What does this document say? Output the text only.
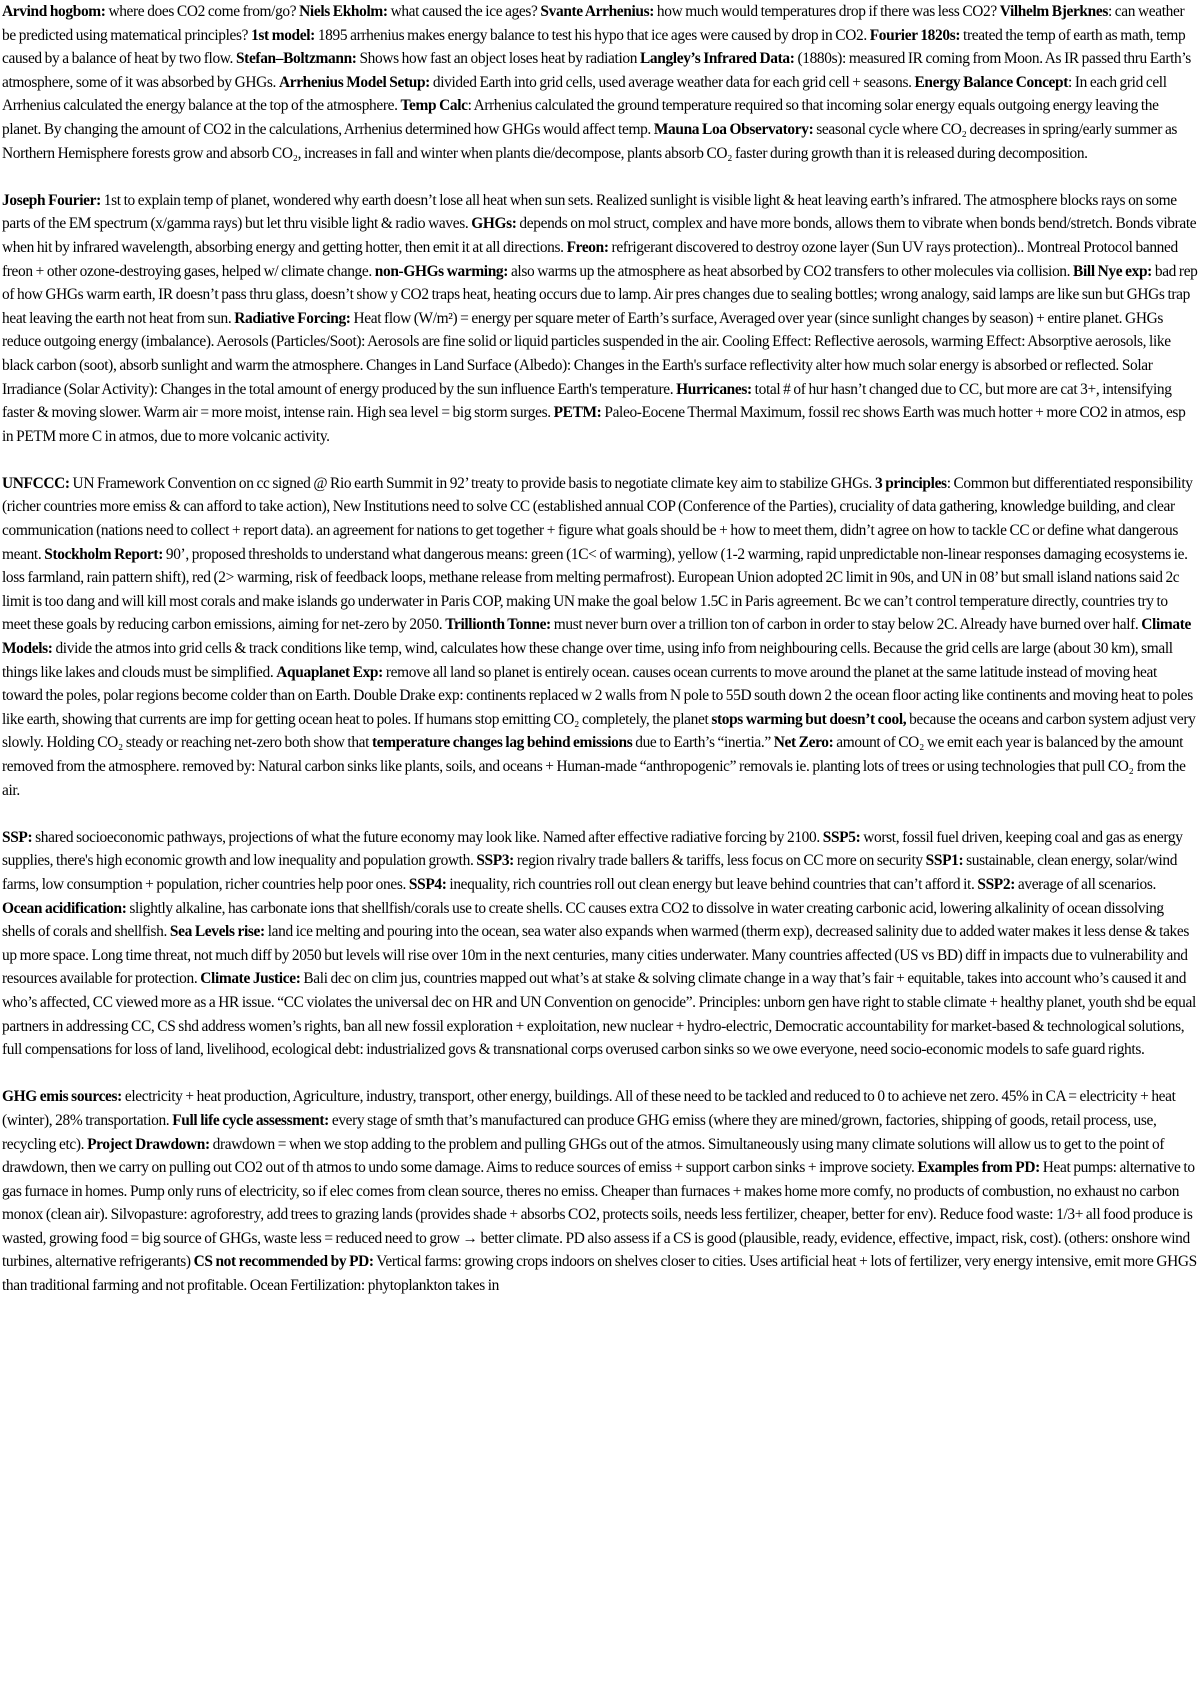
Arvind hogbom: where does CO2 come from/go? Niels Ekholm: what caused the ice ages? Svante Arrhenius: how much would temperatures drop if there was less CO2? Vilhelm Bjerknes: can weather be predicted using matematical principles? 1st model: 1895 arrhenius makes energy balance to test his hypo that ice ages were caused by drop in CO2. Fourier 1820s: treated the temp of earth as math, temp caused by a balance of heat by two flow. Stefan–Boltzmann: Shows how fast an object loses heat by radiation Langley’s Infrared Data: (1880s): measured IR coming from Moon. As IR passed thru Earth’s atmosphere, some of it was absorbed by GHGs. Arrhenius Model Setup: divided Earth into grid cells, used average weather data for each grid cell + seasons. Energy Balance Concept: In each grid cell Arrhenius calculated the energy balance at the top of the atmosphere. Temp Calc: Arrhenius calculated the ground temperature required so that incoming solar energy equals outgoing energy leaving the planet. By changing the amount of CO2 in the calculations, Arrhenius determined how GHGs would affect temp. Mauna Loa Observatory: seasonal cycle where CO₂ decreases in spring/early summer as Northern Hemisphere forests grow and absorb CO₂, increases in fall and winter when plants die/decompose, plants absorb CO₂ faster during growth than it is released during decomposition.

Joseph Fourier: 1st to explain temp of planet, wondered why earth doesn’t lose all heat when sun sets. Realized sunlight is visible light & heat leaving earth’s infrared. The atmosphere blocks rays on some parts of the EM spectrum (x/gamma rays) but let thru visible light & radio waves. GHGs: depends on mol struct, complex and have more bonds, allows them to vibrate when bonds bend/stretch. Bonds vibrate when hit by infrared wavelength, absorbing energy and getting hotter, then emit it at all directions. Freon: refrigerant discovered to destroy ozone layer (Sun UV rays protection).. Montreal Protocol banned freon + other ozone-destroying gases, helped w/ climate change. non-GHGs warming: also warms up the atmosphere as heat absorbed by CO2 transfers to other molecules via collision. Bill Nye exp: bad rep of how GHGs warm earth, IR doesn’t pass thru glass, doesn’t show y CO2 traps heat, heating occurs due to lamp. Air pres changes due to sealing bottles; wrong analogy, said lamps are like sun but GHGs trap heat leaving the earth not heat from sun. Radiative Forcing: Heat flow (W/m²) = energy per square meter of Earth’s surface, Averaged over year (since sunlight changes by season) + entire planet. GHGs reduce outgoing energy (imbalance). Aerosols (Particles/Soot): Aerosols are fine solid or liquid particles suspended in the air. Cooling Effect: Reflective aerosols, warming Effect: Absorptive aerosols, like black carbon (soot), absorb sunlight and warm the atmosphere. Changes in Land Surface (Albedo): Changes in the Earth's surface reflectivity alter how much solar energy is absorbed or reflected. Solar Irradiance (Solar Activity): Changes in the total amount of energy produced by the sun influence Earth's temperature. Hurricanes: total # of hur hasn’t changed due to CC, but more are cat 3+, intensifying faster & moving slower. Warm air = more moist, intense rain. High sea level = big storm surges. PETM: Paleo-Eocene Thermal Maximum, fossil rec shows Earth was much hotter + more CO2 in atmos, esp in PETM more C in atmos, due to more volcanic activity.

UNFCCC: UN Framework Convention on cc signed @ Rio earth Summit in 92’ treaty to provide basis to negotiate climate key aim to stabilize GHGs. 3 principles: Common but differentiated responsibility (richer countries more emiss & can afford to take action), New Institutions need to solve CC (established annual COP (Conference of the Parties), cruciality of data gathering, knowledge building, and clear communication (nations need to collect + report data). an agreement for nations to get together + figure what goals should be + how to meet them, didn’t agree on how to tackle CC or define what dangerous meant. Stockholm Report: 90’, proposed thresholds to understand what dangerous means: green (1C< of warming), yellow (1-2 warming, rapid unpredictable non-linear responses damaging ecosystems ie. loss farmland, rain pattern shift), red (2> warming, risk of feedback loops, methane release from melting permafrost). European Union adopted 2C limit in 90s, and UN in 08’ but small island nations said 2c limit is too dang and will kill most corals and make islands go underwater in Paris COP, making UN make the goal below 1.5C in Paris agreement. Bc we can’t control temperature directly, countries try to meet these goals by reducing carbon emissions, aiming for net-zero by 2050. Trillionth Tonne: must never burn over a trillion ton of carbon in order to stay below 2C. Already have burned over half. Climate Models: divide the atmos into grid cells & track conditions like temp, wind, calculates how these change over time, using info from neighbouring cells. Because the grid cells are large (about 30 km), small things like lakes and clouds must be simplified. Aquaplanet Exp: remove all land so planet is entirely ocean. causes ocean currents to move around the planet at the same latitude instead of moving heat toward the poles, polar regions become colder than on Earth. Double Drake exp: continents replaced w 2 walls from N pole to 55D south down 2 the ocean floor acting like continents and moving heat to poles like earth, showing that currents are imp for getting ocean heat to poles. If humans stop emitting CO₂ completely, the planet stops warming but doesn’t cool, because the oceans and carbon system adjust very slowly. Holding CO₂ steady or reaching net-zero both show that temperature changes lag behind emissions due to Earth’s “inertia.” Net Zero: amount of CO₂ we emit each year is balanced by the amount removed from the atmosphere. removed by: Natural carbon sinks like plants, soils, and oceans + Human-made “anthropogenic” removals ie. planting lots of trees or using technologies that pull CO₂ from the air.

SSP: shared socioeconomic pathways, projections of what the future economy may look like. Named after effective radiative forcing by 2100. SSP5: worst, fossil fuel driven, keeping coal and gas as energy supplies, there's high economic growth and low inequality and population growth. SSP3: region rivalry trade ballers & tariffs, less focus on CC more on security SSP1: sustainable, clean energy, solar/wind farms, low consumption + population, richer countries help poor ones. SSP4: inequality, rich countries roll out clean energy but leave behind countries that can’t afford it. SSP2: average of all scenarios. Ocean acidification: slightly alkaline, has carbonate ions that shellfish/corals use to create shells. CC causes extra CO2 to dissolve in water creating carbonic acid, lowering alkalinity of ocean dissolving shells of corals and shellfish. Sea Levels rise: land ice melting and pouring into the ocean, sea water also expands when warmed (therm exp), decreased salinity due to added water makes it less dense & takes up more space. Long time threat, not much diff by 2050 but levels will rise over 10m in the next centuries, many cities underwater. Many countries affected (US vs BD) diff in impacts due to vulnerability and resources available for protection. Climate Justice: Bali dec on clim jus, countries mapped out what’s at stake & solving climate change in a way that’s fair + equitable, takes into account who’s caused it and who’s affected, CC viewed more as a HR issue. “CC violates the universal dec on HR and UN Convention on genocide”. Principles: unborn gen have right to stable climate + healthy planet, youth shd be equal partners in addressing CC, CS shd address women’s rights, ban all new fossil exploration + exploitation, new nuclear + hydro-electric, Democratic accountability for market-based & technological solutions, full compensations for loss of land, livelihood, ecological debt: industrialized govs & transnational corps overused carbon sinks so we owe everyone, need socio-economic models to safe guard rights.

GHG emis sources: electricity + heat production, Agriculture, industry, transport, other energy, buildings. All of these need to be tackled and reduced to 0 to achieve net zero. 45% in CA = electricity + heat (winter), 28% transportation. Full life cycle assessment: every stage of smth that’s manufactured can produce GHG emiss (where they are mined/grown, factories, shipping of goods, retail process, use, recycling etc). Project Drawdown: drawdown = when we stop adding to the problem and pulling GHGs out of the atmos. Simultaneously using many climate solutions will allow us to get to the point of drawdown, then we carry on pulling out CO2 out of th atmos to undo some damage. Aims to reduce sources of emiss + support carbon sinks + improve society. Examples from PD: Heat pumps: alternative to gas furnace in homes. Pump only runs of electricity, so if elec comes from clean source, theres no emiss. Cheaper than furnaces + makes home more comfy, no products of combustion, no exhaust no carbon monox (clean air). Silvopasture: agroforestry, add trees to grazing lands (provides shade + absorbs CO2, protects soils, needs less fertilizer, cheaper, better for env). Reduce food waste: 1/3+ all food produce is wasted, growing food = big source of GHGs, waste less = reduced need to grow → better climate. PD also assess if a CS is good (plausible, ready, evidence, effective, impact, risk, cost). (others: onshore wind turbines, alternative refrigerants) CS not recommended by PD: Vertical farms: growing crops indoors on shelves closer to cities. Uses artificial heat + lots of fertilizer, very energy intensive, emit more GHGS than traditional farming and not profitable. Ocean Fertilization: phytoplankton takes in
